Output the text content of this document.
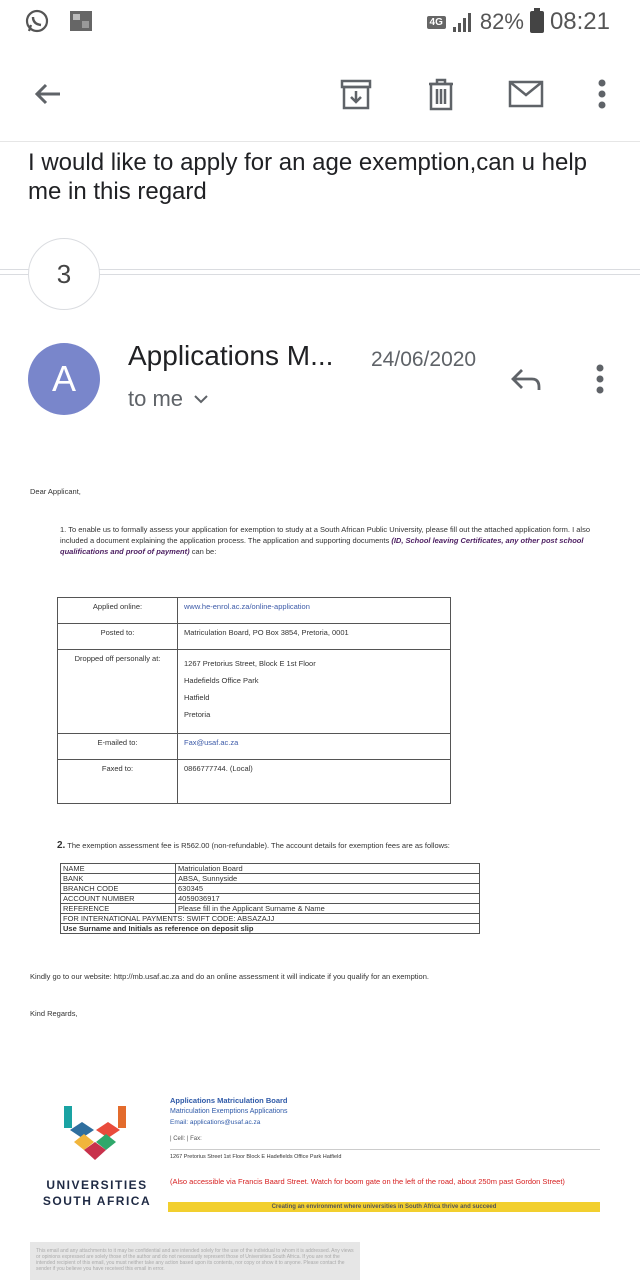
4G 82% 08:21
I would like to apply for an age exemption,can u help me in this regard
3
A
Applications M... 24/06/2020
to me
Dear Applicant,
1. To enable us to formally assess your application for exemption to study at a South African Public University, please fill out the attached application form. I also included a document explaining the application process. The application and supporting documents (ID, School leaving Certificates, any other post school qualifications and proof of payment) can be:
Applied online:	www.he-enrol.ac.za/online-application
Posted to:	Matriculation Board, PO Box 3854, Pretoria, 0001
Dropped off personally at:	1267 Pretorius Street, Block E 1st Floor
Hadefields Office Park
Hatfield
Pretoria

E-mailed to:	Fax@usaf.ac.za
Faxed to:	0866777744. (Local)
2. The exemption assessment fee is R562.00 (non-refundable). The account details for exemption fees are as follows:
NAME	Matriculation Board
BANK	ABSA, Sunnyside
BRANCH CODE	630345
ACCOUNT NUMBER	4059036917
REFERENCE	Please fill in the Applicant Surname & Name
FOR INTERNATIONAL PAYMENTS: SWIFT CODE: ABSAZAJJ	
Use Surname and Initials as reference on deposit slip	
Kindly go to our website: http://mb.usaf.ac.za and do an online assessment it will indicate if you qualify for an exemption.
Kind Regards,
UNIVERSITIES SOUTH AFRICA
Applications Matriculation Board
Matriculation Exemptions Applications
Email: applications@usaf.ac.za
| Cell: | Fax:
1267 Pretorius Street 1st Floor Block E Hadefields Office Park Hatfield
(Also accessible via Francis Baard Street. Watch for boom gate on the left of the road, about 250m past Gordon Street)
Creating an environment where universities in South Africa thrive and succeed
This email and any attachments to it may be confidential and are intended solely for the use of the individual to whom it is addressed. Any views or opinions expressed are solely those of the author and do not necessarily represent those of Universities South Africa. If you are not the intended recipient of this email, you must neither take any action based upon its contents, nor copy or show it to anyone. Please contact the sender if you believe you have received this email in error.
